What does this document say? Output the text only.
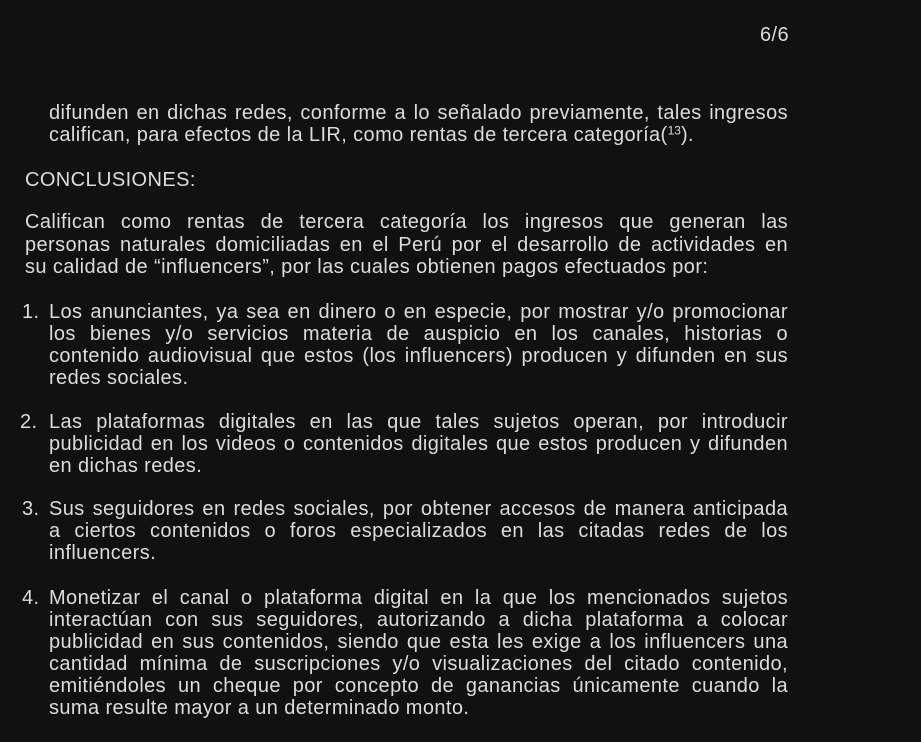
6/6
difunden en dichas redes, conforme a lo señalado previamente, tales ingresos
califican, para efectos de la LIR, como rentas de tercera categoría($^{13}$).
CONCLUSIONES:
Califican como rentas de tercera categoría los ingresos que generan las
personas naturales domiciliadas en el Perú por el desarrollo de actividades en
su calidad de “influencers”, por las cuales obtienen pagos efectuados por:
1. Los anunciantes, ya sea en dinero o en especie, por mostrar y/o promocionar
los bienes y/o servicios materia de auspicio en los canales, historias o
contenido audiovisual que estos (los influencers) producen y difunden en sus
redes sociales.
2. Las plataformas digitales en las que tales sujetos operan, por introducir
publicidad en los videos o contenidos digitales que estos producen y difunden
en dichas redes.
3. Sus seguidores en redes sociales, por obtener accesos de manera anticipada
a ciertos contenidos o foros especializados en las citadas redes de los
influencers.
4. Monetizar el canal o plataforma digital en la que los mencionados sujetos
interactúan con sus seguidores, autorizando a dicha plataforma a colocar
publicidad en sus contenidos, siendo que esta les exige a los influencers una
cantidad mínima de suscripciones y/o visualizaciones del citado contenido,
emitiéndoles un cheque por concepto de ganancias únicamente cuando la
suma resulte mayor a un determinado monto.
